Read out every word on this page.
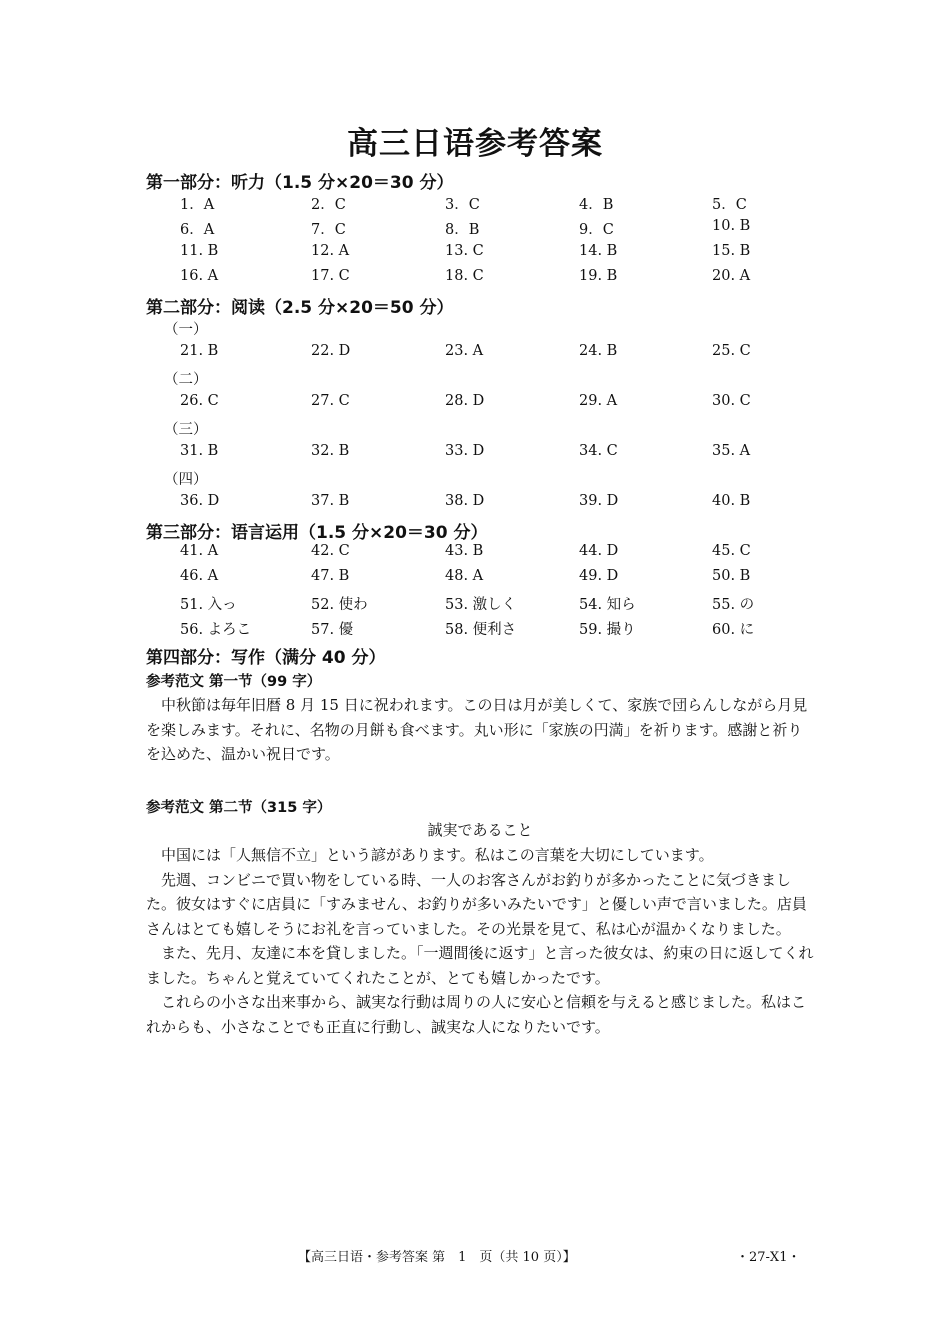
高三日语参考答案
第一部分：听力（1.5 分×20＝30 分）
1．A	2．C	3．C	4．B	5．C
6．A	7．C	8．B	9．C	10. B
11. B	12. A	13. C	14. B	15. B
16. A	17. C	18. C	19. B	20. A
第二部分：阅读（2.5 分×20＝50 分）
（一）
21. B	22. D	23. A	24. B	25. C
（二）
26. C	27. C	28. D	29. A	30. C
（三）
31. B	32. B	33. D	34. C	35. A
（四）
36. D	37. B	38. D	39. D	40. B
第三部分：语言运用（1.5 分×20＝30 分）
41. A	42. C	43. B	44. D	45. C
46. A	47. B	48. A	49. D	50. B
51. 入っ	52. 使わ	53. 激しく	54. 知ら	55. の
56. よろこ	57. 優	58. 便利さ	59. 撮り	60. に
第四部分：写作（满分 40 分）
参考范文 第一节（99 字）

中秋節は毎年旧暦 8 月 15 日に祝われます。この日は月が美しくて、家族で団らんしながら月見を楽しみます。それに、名物の月餅も食べます。丸い形に「家族の円満」を祈ります。感謝と祈りを込めた、温かい祝日です。

参考范文 第二节（315 字）
誠実であること

中国には「人無信不立」という諺があります。私はこの言葉を大切にしています。

先週、コンビニで買い物をしている時、一人のお客さんがお釣りが多かったことに気づきました。彼女はすぐに店員に「すみません、お釣りが多いみたいです」と優しい声で言いました。店員さんはとても嬉しそうにお礼を言っていました。その光景を見て、私は心が温かくなりました。

また、先月、友達に本を貸しました。「一週間後に返す」と言った彼女は、約束の日に返してくれました。ちゃんと覚えていてくれたことが、とても嬉しかったです。

これらの小さな出来事から、誠実な行動は周りの人に安心と信頼を与えると感じました。私はこれからも、小さなことでも正直に行動し、誠実な人になりたいです。

【高三日语・参考答案 第　1　页（共 10 页）】	・27-X1・
